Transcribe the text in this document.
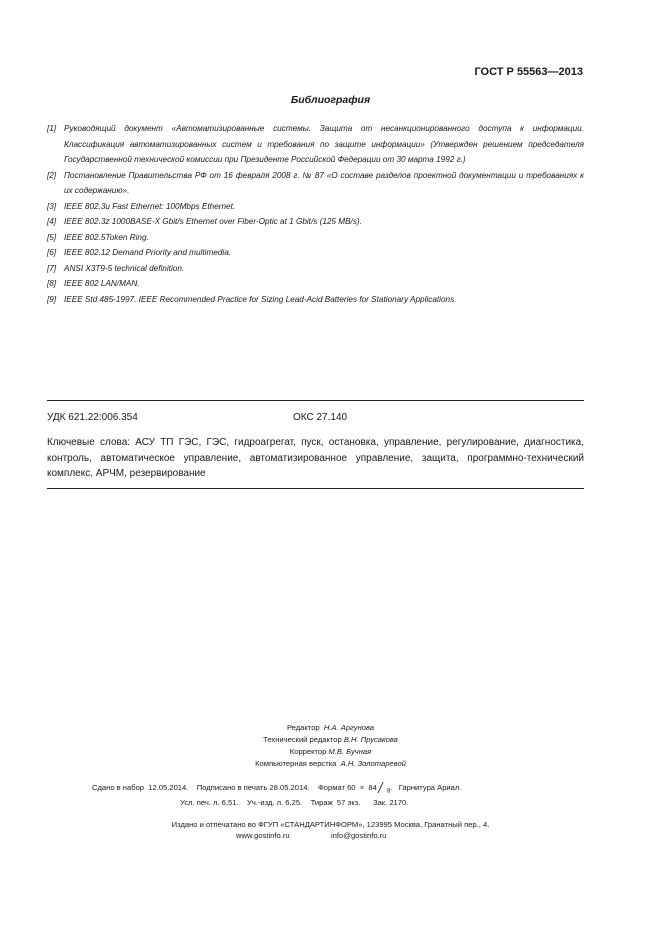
ГОСТ Р 55563—2013
Библиография
[1] Руководящий документ «Автоматизированные системы. Защита от несанкционированного доступа к информации. Классификация автоматизированных систем и требования по защите информации» (Утвержден решением председателя Государственной технической комиссии при Президенте Российской Федерации от 30 марта 1992 г.)
[2] Постановление Правительства РФ от 16 февраля 2008 г. № 87 «О составе разделов проектной документации и требованиях к их содержанию».
[3] IEEE 802.3u Fast Ethernet: 100Mbps Ethernet.
[4] IEEE 802.3z 1000BASE-X Gbit/s Ethernet over Fiber-Optic at 1 Gbit/s (125 MB/s).
[5] IEEE 802.5Token Ring.
[6] IEEE 802.12 Demand Priority and multimedia.
[7] ANSI X3T9-5 technical definition.
[8] IEEE 802 LAN/MAN.
[9] IEEE Std 485-1997. IEEE Recommended Practice for Sizing Lead-Acid Batteries for Stationary Applications.
УДК 621.22:006.354	ОКС 27.140
Ключевые слова: АСУ ТП ГЭС, ГЭС, гидроагрегат, пуск, остановка, управление, регулирование, диагностика, контроль, автоматическое управление, автоматизированное управление, защита, программно-технический комплекс, АРЧМ, резервирование
Редактор Н.А. Аргунова
Технический редактор В.Н. Прусакова
Корректор М.В. Бучная
Компьютерная верстка А.Н. Золотаревой
Сдано в набор  12.05.2014.    Подписано в печать 28.05.2014.    Формат 60  ×  84 $_8$.   Гарнитура Ариал.
Усл. печ. л. 6,51.    Уч.-изд. л. 6,25.    Тираж  57 экз.      Зак. 2170.
Издано и отпечатано во ФГУП «СТАНДАРТИНФОРМ», 123995 Москва, Гранатный пер., 4.
www.gostinfo.ru	info@gostinfo.ru
